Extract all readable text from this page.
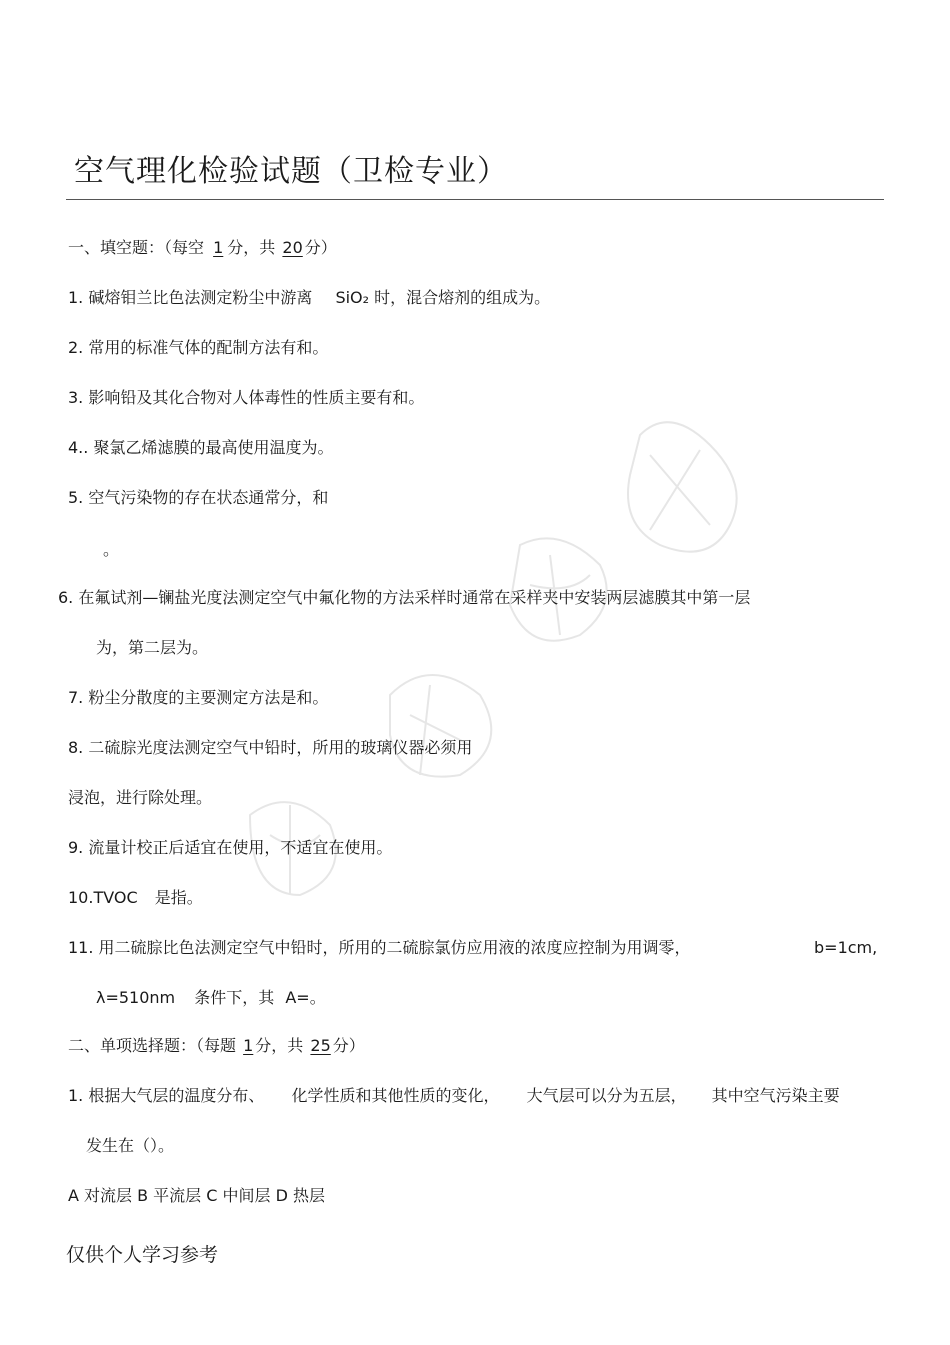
空气理化检验试题（卫检专业）
一、填空题：（每空 1 分，共 20 分）
1. 碱熔钼兰比色法测定粉尘中游离 SiO₂ 时，混合熔剂的组成为。
2. 常用的标准气体的配制方法有和。
3. 影响铅及其化合物对人体毒性的性质主要有和。
4.. 聚氯乙烯滤膜的最高使用温度为。
5. 空气污染物的存在状态通常分，和
。
6. 在氟试剂—镧盐光度法测定空气中氟化物的方法采样时通常在采样夹中安装两层滤膜其中第一层
为，第二层为。
7. 粉尘分散度的主要测定方法是和。
8. 二硫腙光度法测定空气中铅时，所用的玻璃仪器必须用
浸泡，进行除处理。
9. 流量计校正后适宜在使用，不适宜在使用。
10.TVOC 是指。
11. 用二硫腙比色法测定空气中铅时，所用的二硫腙氯仿应用液的浓度应控制为用调零，	b=1cm,
λ=510nm 条件下，其 A=。
二、单项选择题：（每题 1 分，共 25 分）
1. 根据大气层的温度分布、 化学性质和其他性质的变化， 大气层可以分为五层， 其中空气污染主要
发生在（）。
A 对流层 B 平流层 C 中间层 D 热层
仅供个人学习参考
